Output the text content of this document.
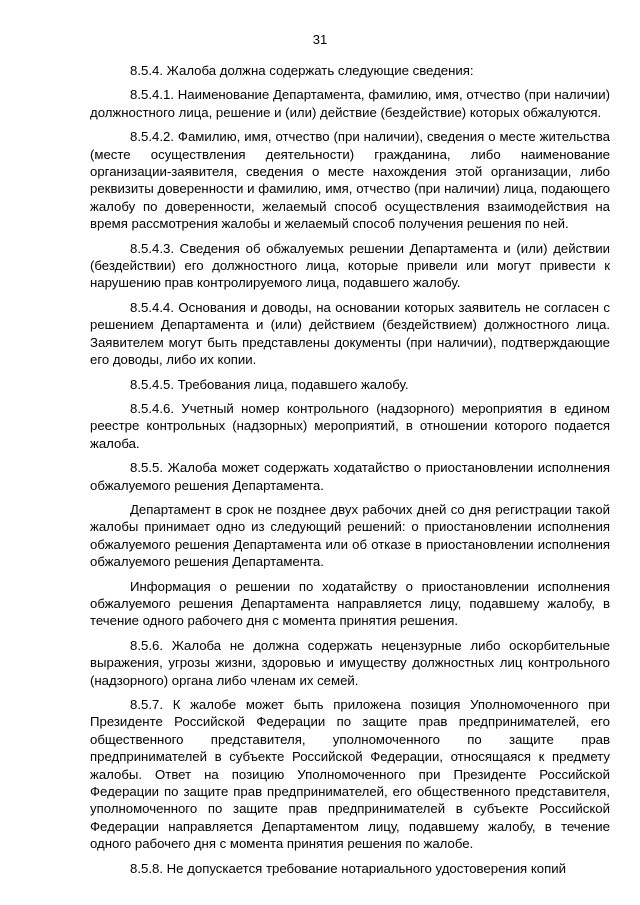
31

8.5.4. Жалоба должна содержать следующие сведения:

8.5.4.1. Наименование Департамента, фамилию, имя, отчество (при наличии) должностного лица, решение и (или) действие (бездействие) которых обжалуются.

8.5.4.2. Фамилию, имя, отчество (при наличии), сведения о месте жительства (месте осуществления деятельности) гражданина, либо наименование организации-заявителя, сведения о месте нахождения этой организации, либо реквизиты доверенности и фамилию, имя, отчество (при наличии) лица, подающего жалобу по доверенности, желаемый способ осуществления взаимодействия на время рассмотрения жалобы и желаемый способ получения решения по ней.

8.5.4.3. Сведения об обжалуемых решении Департамента и (или) действии (бездействии) его должностного лица, которые привели или могут привести к нарушению прав контролируемого лица, подавшего жалобу.

8.5.4.4. Основания и доводы, на основании которых заявитель не согласен с решением Департамента и (или) действием (бездействием) должностного лица. Заявителем могут быть представлены документы (при наличии), подтверждающие его доводы, либо их копии.

8.5.4.5. Требования лица, подавшего жалобу.

8.5.4.6. Учетный номер контрольного (надзорного) мероприятия в едином реестре контрольных (надзорных) мероприятий, в отношении которого подается жалоба.

8.5.5. Жалоба может содержать ходатайство о приостановлении исполнения обжалуемого решения Департамента.

Департамент в срок не позднее двух рабочих дней со дня регистрации такой жалобы принимает одно из следующий решений: о приостановлении исполнения обжалуемого решения Департамента или об отказе в приостановлении исполнения обжалуемого решения Департамента.

Информация о решении по ходатайству о приостановлении исполнения обжалуемого решения Департамента направляется лицу, подавшему жалобу, в течение одного рабочего дня с момента принятия решения.

8.5.6. Жалоба не должна содержать нецензурные либо оскорбительные выражения, угрозы жизни, здоровью и имуществу должностных лиц контрольного (надзорного) органа либо членам их семей.

8.5.7. К жалобе может быть приложена позиция Уполномоченного при Президенте Российской Федерации по защите прав предпринимателей, его общественного представителя, уполномоченного по защите прав предпринимателей в субъекте Российской Федерации, относящаяся к предмету жалобы. Ответ на позицию Уполномоченного при Президенте Российской Федерации по защите прав предпринимателей, его общественного представителя, уполномоченного по защите прав предпринимателей в субъекте Российской Федерации направляется Департаментом лицу, подавшему жалобу, в течение одного рабочего дня с момента принятия решения по жалобе.

8.5.8. Не допускается требование нотариального удостоверения копий
